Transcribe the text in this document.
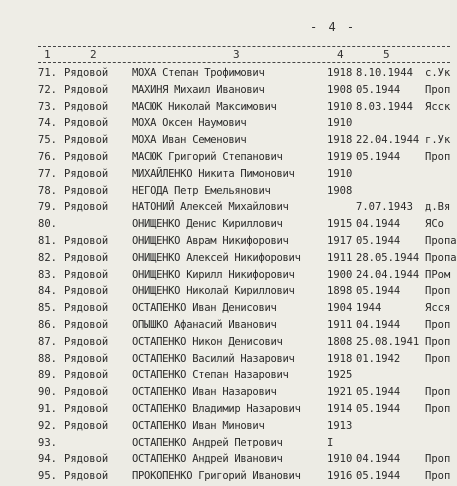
- 4 -
1	2	3	4	5
71. Рядовой МОХА Степан Трофимович	1918 8.10.1944 с.Ук
72. Рядовой МАХИНЯ Михаил Иванович	1908 05.1944 Проп
73. Рядовой МАСЮК Николай Максимович	1910 8.03.1944 Ясск
74. Рядовой МОХА Оксен Наумович	1910
75. Рядовой МОХА Иван Семенович	1918 22.04.1944 г.Ук
76. Рядовой МАСЮК Григорий Степанович	1919 05.1944 Проп
77. Рядовой МИХАЙЛЕНКО Никита Пимонович	1910
78. Рядовой НЕГОДА Петр Емельянович	1908
79. Рядовой НАТОНИЙ Алексей Михайлович	7.07.1943 д.Вя
80.	ОНИЩЕНКО Денис Кириллович	1915 04.1944 ЯСо
81. Рядовой ОНИЩЕНКО Аврам Никифорович	1917 05.1944 Пропа
82. Рядовой ОНИЩЕНКО Алексей Никифорович	1911 28.05.1944 Пропа
83. Рядовой ОНИЩЕНКО Кирилл Никифорович	1900 24.04.1944 ПРом
84. Рядовой ОНИЩЕНКО Николай Кириллович	1898 05.1944 Проп
85. Рядовой ОСТАПЕНКО Иван Денисович	1904 1944	Ясся
86. Рядовой ОПЫШКО Афанасий Иванович	1911 04.1944 Проп
87. Рядовой ОСТАПЕНКО Никон Денисович	1808 25.08.1941 Проп
88. Рядовой ОСТАПЕНКО Василий Назарович	1918 01.1942 Проп
89. Рядовой ОСТАПЕНКО Степан Назарович	1925
90. Рядовой ОСТАПЕНКО Иван Назарович	1921 05.1944 Проп
91. Рядовой ОСТАПЕНКО Владимир Назарович	1914 05.1944 Проп
92. Рядовой ОСТАПЕНКО Иван Минович	1913
93.	ОСТАПЕНКО Андрей Петрович	I
94. Рядовой ОСТАПЕНКО Андрей Иванович	1910 04.1944 Проп
95. Рядовой ПРОКОПЕНКО Григорий Иванович	1916 05.1944 Проп
